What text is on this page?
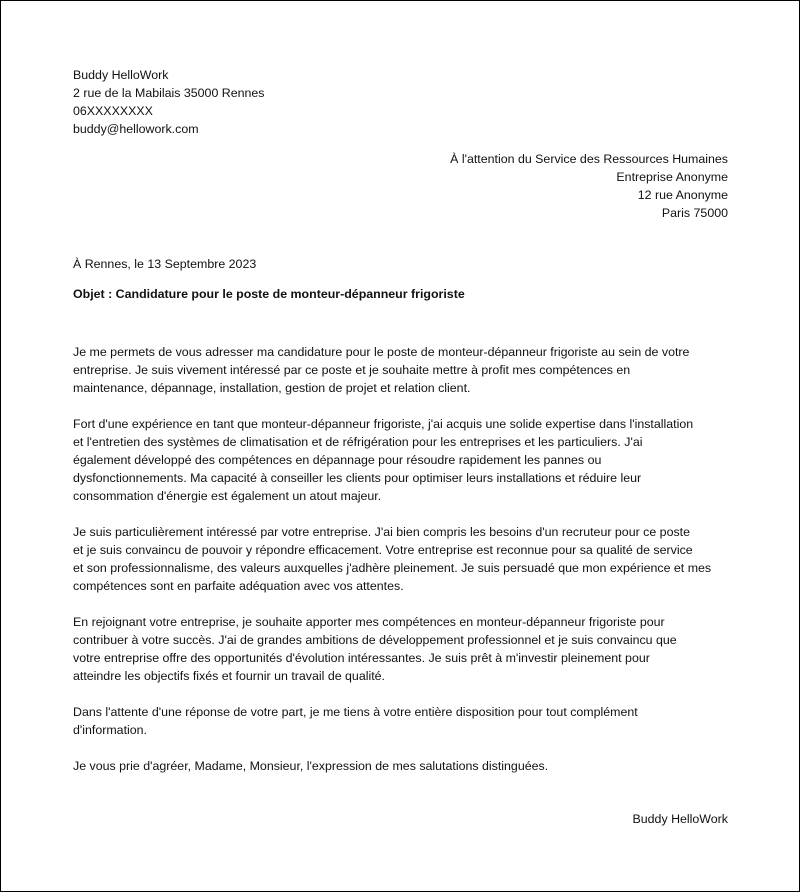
Buddy HelloWork
2 rue de la Mabilais 35000 Rennes
06XXXXXXXX
buddy@hellowork.com
À l'attention du Service des Ressources Humaines
Entreprise Anonyme
12 rue Anonyme
Paris 75000
À Rennes, le 13 Septembre 2023
Objet : Candidature pour le poste de monteur-dépanneur frigoriste
Je me permets de vous adresser ma candidature pour le poste de monteur-dépanneur frigoriste au sein de votre
entreprise. Je suis vivement intéressé par ce poste et je souhaite mettre à profit mes compétences en
maintenance, dépannage, installation, gestion de projet et relation client.
Fort d'une expérience en tant que monteur-dépanneur frigoriste, j'ai acquis une solide expertise dans l'installation
et l'entretien des systèmes de climatisation et de réfrigération pour les entreprises et les particuliers. J'ai
également développé des compétences en dépannage pour résoudre rapidement les pannes ou
dysfonctionnements. Ma capacité à conseiller les clients pour optimiser leurs installations et réduire leur
consommation d'énergie est également un atout majeur.
Je suis particulièrement intéressé par votre entreprise. J'ai bien compris les besoins d'un recruteur pour ce poste
et je suis convaincu de pouvoir y répondre efficacement. Votre entreprise est reconnue pour sa qualité de service
et son professionnalisme, des valeurs auxquelles j'adhère pleinement. Je suis persuadé que mon expérience et mes
compétences sont en parfaite adéquation avec vos attentes.
En rejoignant votre entreprise, je souhaite apporter mes compétences en monteur-dépanneur frigoriste pour
contribuer à votre succès. J'ai de grandes ambitions de développement professionnel et je suis convaincu que
votre entreprise offre des opportunités d'évolution intéressantes. Je suis prêt à m'investir pleinement pour
atteindre les objectifs fixés et fournir un travail de qualité.
Dans l'attente d'une réponse de votre part, je me tiens à votre entière disposition pour tout complément
d'information.
Je vous prie d'agréer, Madame, Monsieur, l'expression de mes salutations distinguées.
Buddy HelloWork
